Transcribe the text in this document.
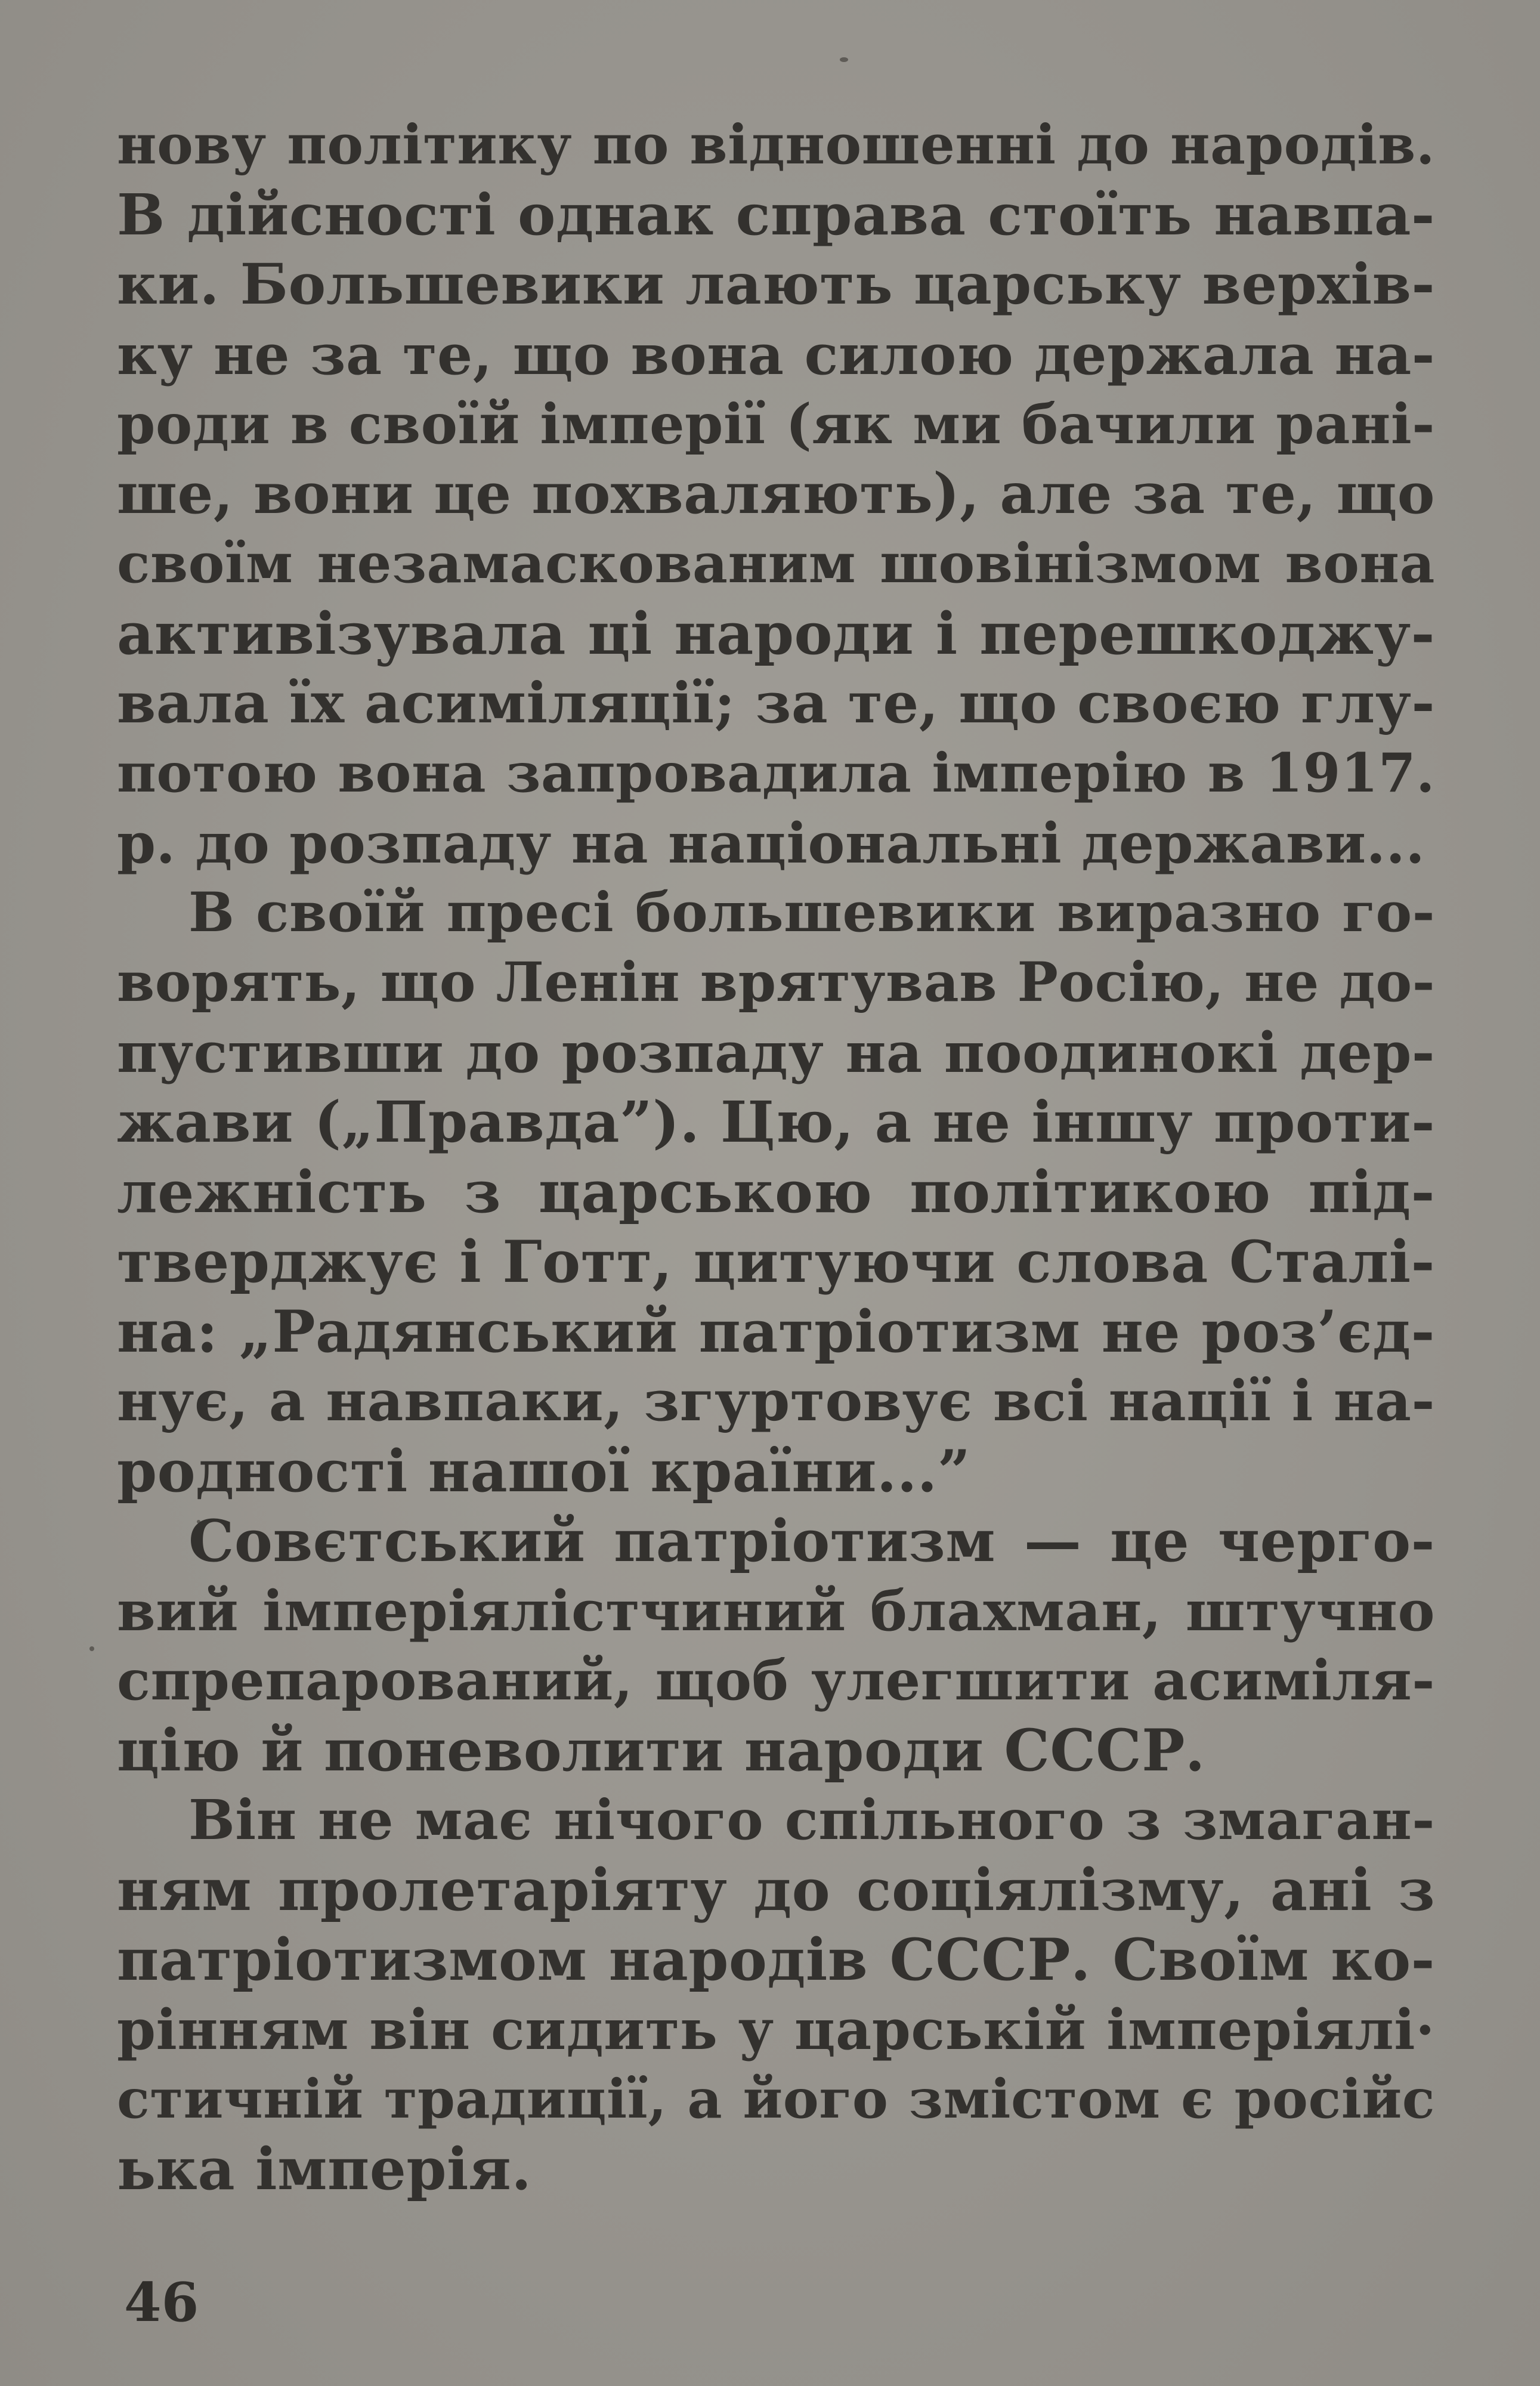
нову політику по відношенні до народів.
В дійсності однак справа стоїть навпа-
ки. Большевики лають царську верхів-
ку не за те, що вона силою держала на-
роди в своїй імперії (як ми бачили рані-
ше, вони це похваляють), але за те, що
своїм незамаскованим шовінізмом вона
активізувала ці народи і перешкоджу-
вала їх асиміляції; за те, що своєю глу-
потою вона запровадила імперію в 1917.
р. до розпаду на національні держави...
В своїй пресі большевики виразно го-
ворять, що Ленін врятував Росію, не до-
пустивши до розпаду на поодинокі дер-
жави („Правда”). Цю, а не іншу проти-
лежність з царською політикою під-
тверджує і Готт, цитуючи слова Сталі-
на: „Радянський патріотизм не роз’єд-
нує, а навпаки, згуртовує всі нації і на-
родності нашої країни...”
Совєтський патріотизм — це черго-
вий імперіялістчиний блахман, штучно
спрепарований, щоб улегшити асиміля-
цію й поневолити народи СССР.
Він не має нічого спільного з змаган-
ням пролетаріяту до соціялізму, ані з
патріотизмом народів СССР. Своїм ко-
рінням він сидить у царській імперіялі·
стичній традиції, а його змістом є російс
ька імперія.
46
